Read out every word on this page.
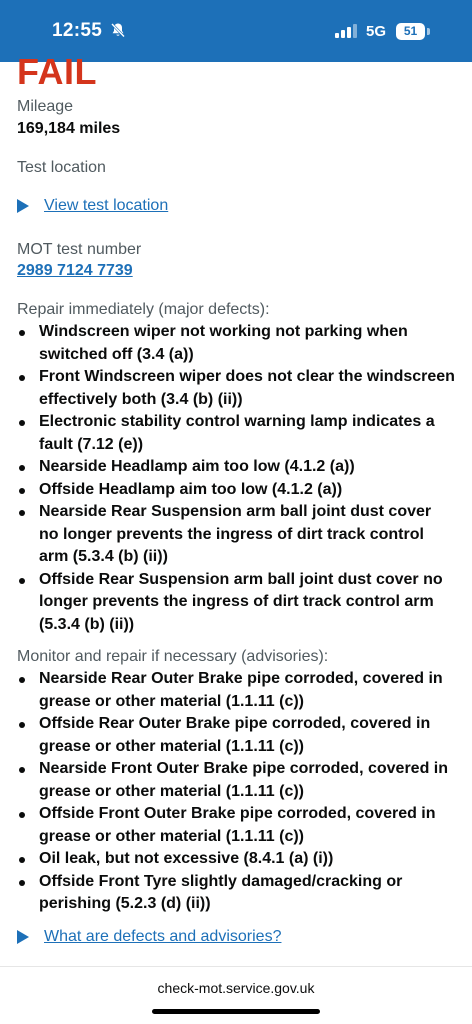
12:55	5G	51
FAIL
Mileage
169,184 miles
Test location
View test location
MOT test number
2989 7124 7739
Repair immediately (major defects):
Windscreen wiper not working not parking when switched off (3.4 (a))
Front Windscreen wiper does not clear the windscreen effectively both (3.4 (b) (ii))
Electronic stability control warning lamp indicates a fault (7.12 (e))
Nearside Headlamp aim too low (4.1.2 (a))
Offside Headlamp aim too low (4.1.2 (a))
Nearside Rear Suspension arm ball joint dust cover no longer prevents the ingress of dirt track control arm (5.3.4 (b) (ii))
Offside Rear Suspension arm ball joint dust cover no longer prevents the ingress of dirt track control arm (5.3.4 (b) (ii))
Monitor and repair if necessary (advisories):
Nearside Rear Outer Brake pipe corroded, covered in grease or other material (1.1.11 (c))
Offside Rear Outer Brake pipe corroded, covered in grease or other material (1.1.11 (c))
Nearside Front Outer Brake pipe corroded, covered in grease or other material (1.1.11 (c))
Offside Front Outer Brake pipe corroded, covered in grease or other material (1.1.11 (c))
Oil leak, but not excessive (8.4.1 (a) (i))
Offside Front Tyre slightly damaged/cracking or perishing (5.2.3 (d) (ii))
What are defects and advisories?
check-mot.service.gov.uk
